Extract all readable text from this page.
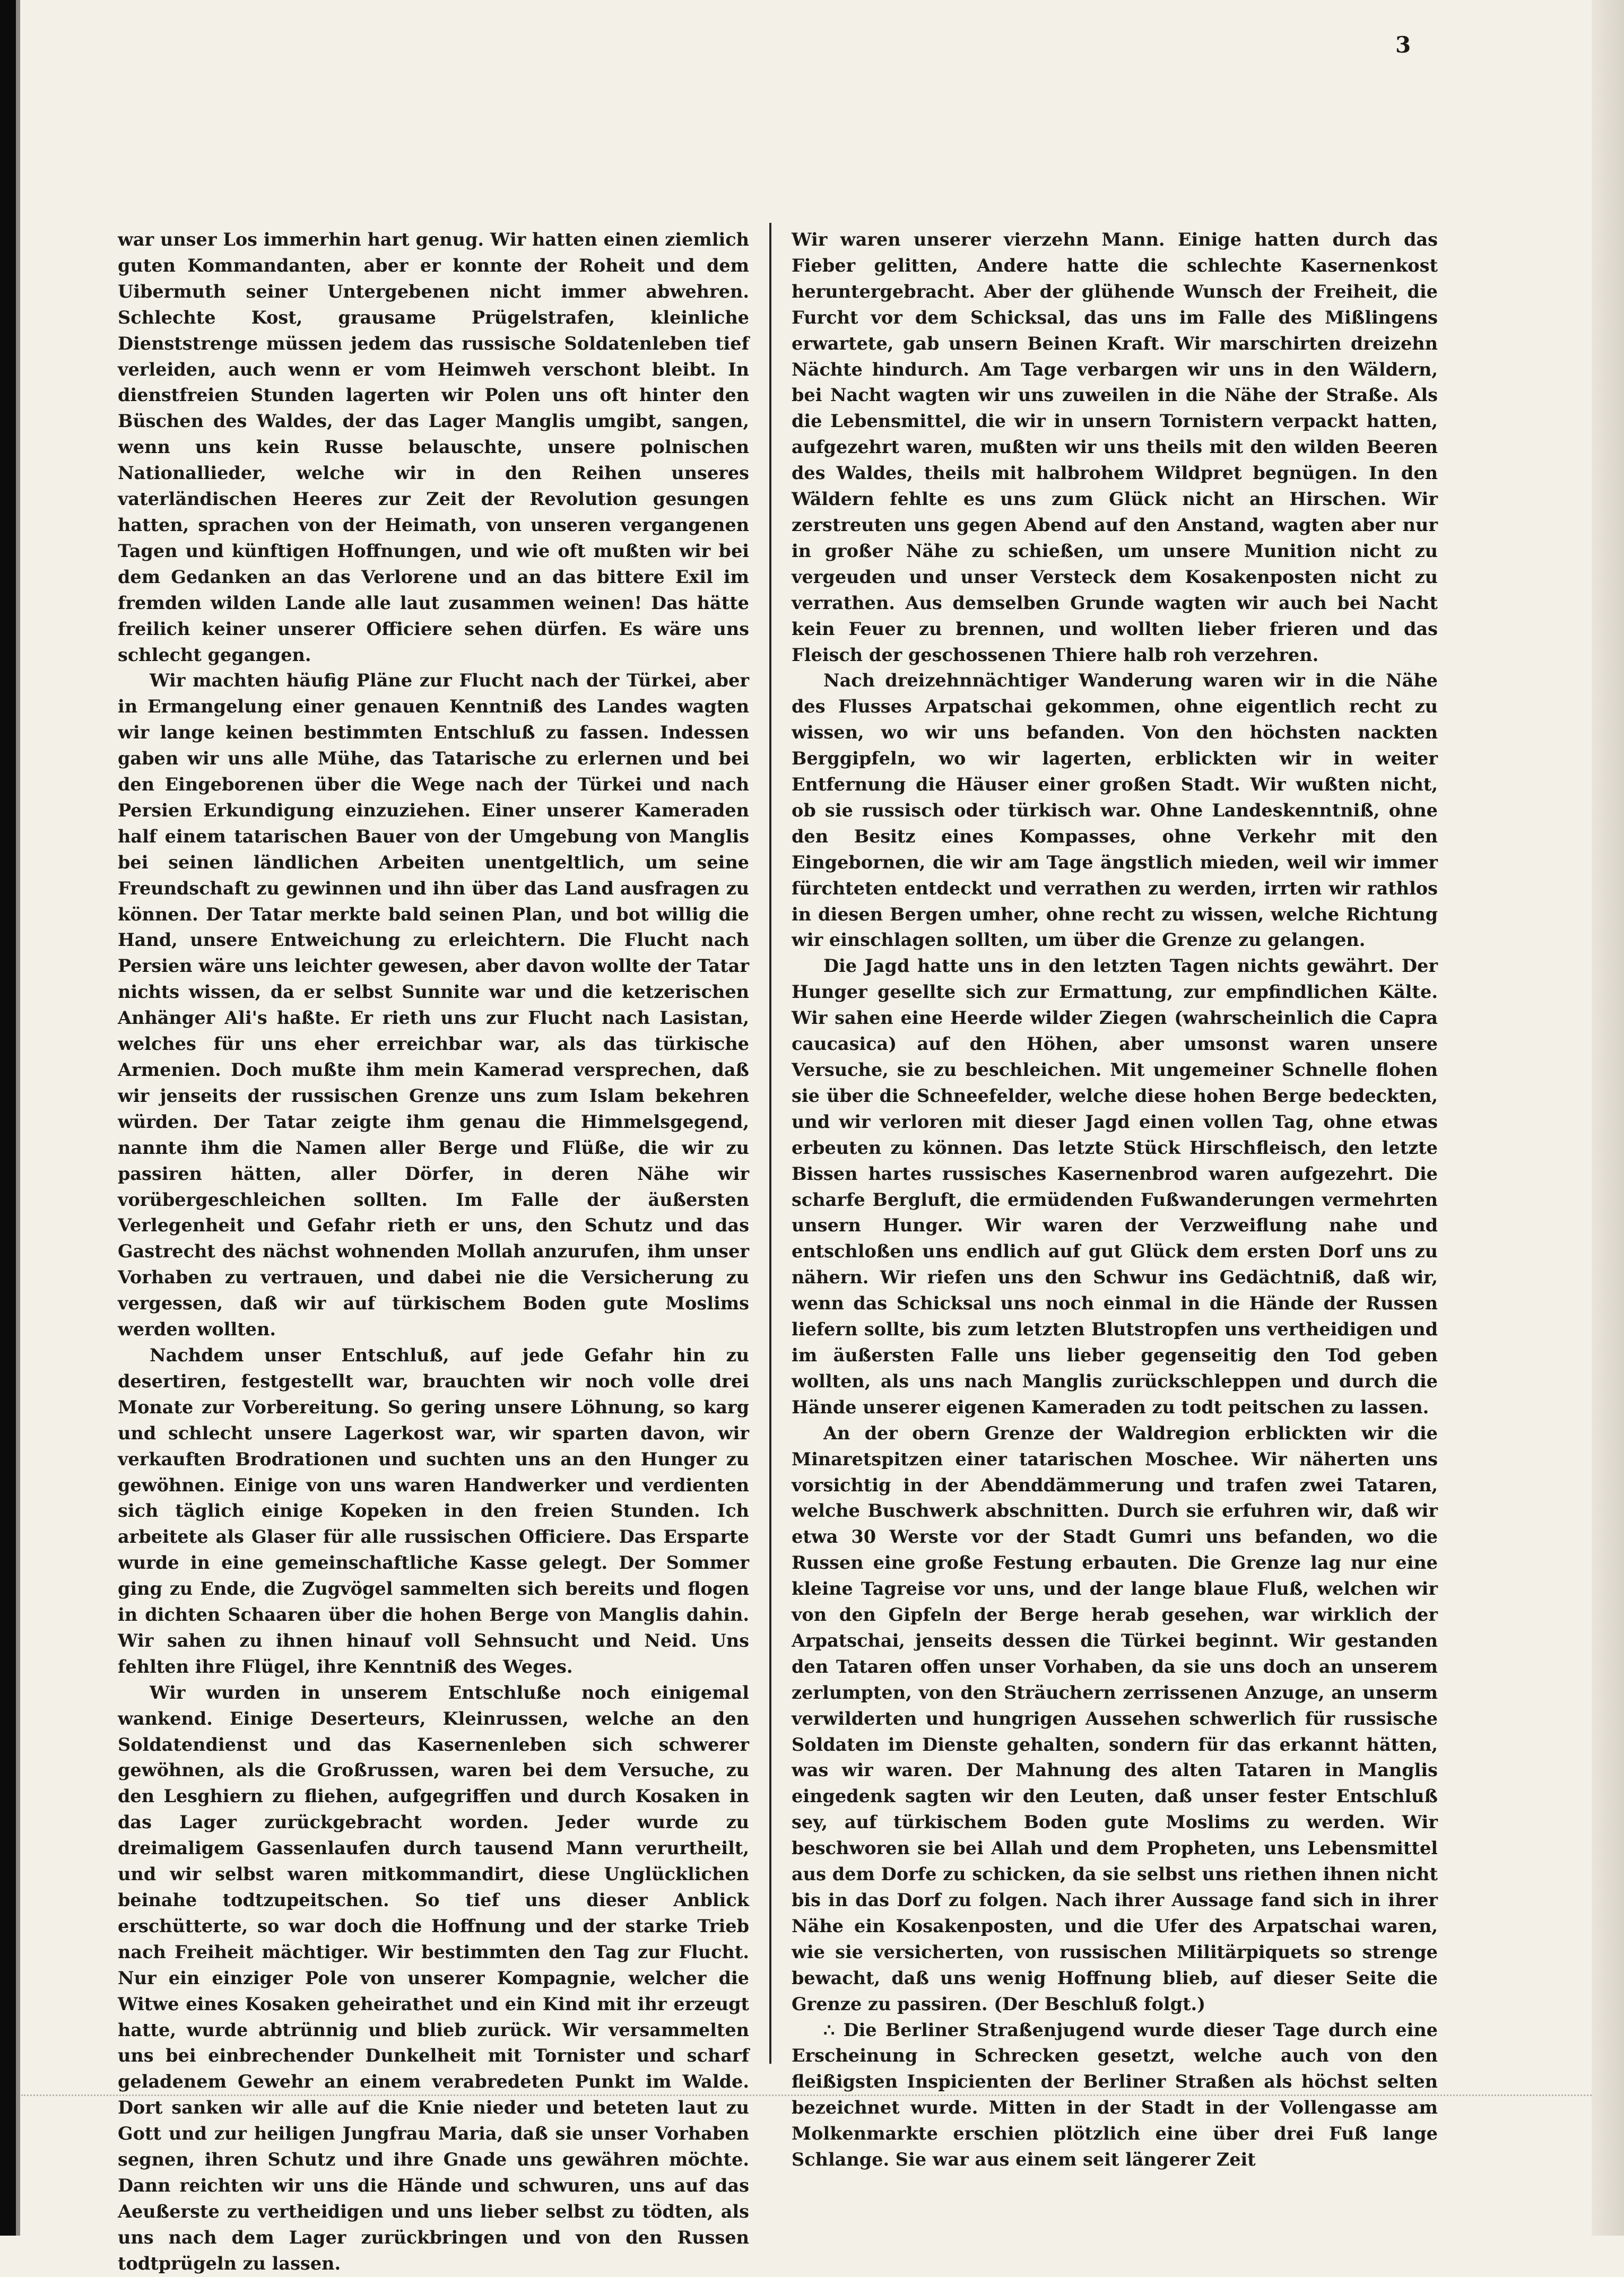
3

war unser Los immerhin hart genug. Wir hatten einen ziemlich guten Kommandanten, aber er konnte der Roheit und dem Uibermuth seiner Untergebenen nicht immer abwehren. Schlechte Kost, grausame Prügelstrafen, kleinliche Dienststrenge müssen jedem das russische Soldatenleben tief verleiden, auch wenn er vom Heimweh verschont bleibt. In dienstfreien Stunden lagerten wir Polen uns oft hinter den Büschen des Waldes, der das Lager Manglis umgibt, sangen, wenn uns kein Russe belauschte, unsere polnischen Nationallieder, welche wir in den Reihen unseres vaterländischen Heeres zur Zeit der Revolution gesungen hatten, sprachen von der Heimath, von unseren vergangenen Tagen und künftigen Hoffnungen, und wie oft mußten wir bei dem Gedanken an das Verlorene und an das bittere Exil im fremden wilden Lande alle laut zusammen weinen! Das hätte freilich keiner unserer Officiere sehen dürfen. Es wäre uns schlecht gegangen.

Wir machten häufig Pläne zur Flucht nach der Türkei, aber in Ermangelung einer genauen Kenntniß des Landes wagten wir lange keinen bestimmten Entschluß zu fassen. Indessen gaben wir uns alle Mühe, das Tatarische zu erlernen und bei den Eingeborenen über die Wege nach der Türkei und nach Persien Erkundigung einzuziehen. Einer unserer Kameraden half einem tatarischen Bauer von der Umgebung von Manglis bei seinen ländlichen Arbeiten unentgeltlich, um seine Freundschaft zu gewinnen und ihn über das Land ausfragen zu können. Der Tatar merkte bald seinen Plan, und bot willig die Hand, unsere Entweichung zu erleichtern. Die Flucht nach Persien wäre uns leichter gewesen, aber davon wollte der Tatar nichts wissen, da er selbst Sunnite war und die ketzerischen Anhänger Ali's haßte. Er rieth uns zur Flucht nach Lasistan, welches für uns eher erreichbar war, als das türkische Armenien. Doch mußte ihm mein Kamerad versprechen, daß wir jenseits der russischen Grenze uns zum Islam bekehren würden. Der Tatar zeigte ihm genau die Himmelsgegend, nannte ihm die Namen aller Berge und Flüße, die wir zu passiren hätten, aller Dörfer, in deren Nähe wir vorübergeschleichen sollten. Im Falle der äußersten Verlegenheit und Gefahr rieth er uns, den Schutz und das Gastrecht des nächst wohnenden Mollah anzurufen, ihm unser Vorhaben zu vertrauen, und dabei nie die Versicherung zu vergessen, daß wir auf türkischem Boden gute Moslims werden wollten.

Nachdem unser Entschluß, auf jede Gefahr hin zu desertiren, festgestellt war, brauchten wir noch volle drei Monate zur Vorbereitung. So gering unsere Löhnung, so karg und schlecht unsere Lagerkost war, wir sparten davon, wir verkauften Brodrationen und suchten uns an den Hunger zu gewöhnen. Einige von uns waren Handwerker und verdienten sich täglich einige Kopeken in den freien Stunden. Ich arbeitete als Glaser für alle russischen Officiere. Das Ersparte wurde in eine gemeinschaftliche Kasse gelegt. Der Sommer ging zu Ende, die Zugvögel sammelten sich bereits und flogen in dichten Schaaren über die hohen Berge von Manglis dahin. Wir sahen zu ihnen hinauf voll Sehnsucht und Neid. Uns fehlten ihre Flügel, ihre Kenntniß des Weges.

Wir wurden in unserem Entschluße noch einigemal wankend. Einige Deserteurs, Kleinrussen, welche an den Soldatendienst und das Kasernenleben sich schwerer gewöhnen, als die Großrussen, waren bei dem Versuche, zu den Lesghiern zu fliehen, aufgegriffen und durch Kosaken in das Lager zurückgebracht worden. Jeder wurde zu dreimaligem Gassenlaufen durch tausend Mann verurtheilt, und wir selbst waren mitkommandirt, diese Unglücklichen beinahe todtzupeitschen. So tief uns dieser Anblick erschütterte, so war doch die Hoffnung und der starke Trieb nach Freiheit mächtiger. Wir bestimmten den Tag zur Flucht. Nur ein einziger Pole von unserer Kompagnie, welcher die Witwe eines Kosaken geheirathet und ein Kind mit ihr erzeugt hatte, wurde abtrünnig und blieb zurück. Wir versammelten uns bei einbrechender Dunkelheit mit Tornister und scharf geladenem Gewehr an einem verabredeten Punkt im Walde. Dort sanken wir alle auf die Knie nieder und beteten laut zu Gott und zur heiligen Jungfrau Maria, daß sie unser Vorhaben segnen, ihren Schutz und ihre Gnade uns gewähren möchte. Dann reichten wir uns die Hände und schwuren, uns auf das Aeußerste zu vertheidigen und uns lieber selbst zu tödten, als uns nach dem Lager zurückbringen und von den Russen todtprügeln zu lassen.

Wir waren unserer vierzehn Mann. Einige hatten durch das Fieber gelitten, Andere hatte die schlechte Kasernenkost heruntergebracht. Aber der glühende Wunsch der Freiheit, die Furcht vor dem Schicksal, das uns im Falle des Mißlingens erwartete, gab unsern Beinen Kraft. Wir marschirten dreizehn Nächte hindurch. Am Tage verbargen wir uns in den Wäldern, bei Nacht wagten wir uns zuweilen in die Nähe der Straße. Als die Lebensmittel, die wir in unsern Tornistern verpackt hatten, aufgezehrt waren, mußten wir uns theils mit den wilden Beeren des Waldes, theils mit halbrohem Wildpret begnügen. In den Wäldern fehlte es uns zum Glück nicht an Hirschen. Wir zerstreuten uns gegen Abend auf den Anstand, wagten aber nur in großer Nähe zu schießen, um unsere Munition nicht zu vergeuden und unser Versteck dem Kosakenposten nicht zu verrathen. Aus demselben Grunde wagten wir auch bei Nacht kein Feuer zu brennen, und wollten lieber frieren und das Fleisch der geschossenen Thiere halb roh verzehren.

Nach dreizehnnächtiger Wanderung waren wir in die Nähe des Flusses Arpatschai gekommen, ohne eigentlich recht zu wissen, wo wir uns befanden. Von den höchsten nackten Berggipfeln, wo wir lagerten, erblickten wir in weiter Entfernung die Häuser einer großen Stadt. Wir wußten nicht, ob sie russisch oder türkisch war. Ohne Landeskenntniß, ohne den Besitz eines Kompasses, ohne Verkehr mit den Eingebornen, die wir am Tage ängstlich mieden, weil wir immer fürchteten entdeckt und verrathen zu werden, irrten wir rathlos in diesen Bergen umher, ohne recht zu wissen, welche Richtung wir einschlagen sollten, um über die Grenze zu gelangen.

Die Jagd hatte uns in den letzten Tagen nichts gewährt. Der Hunger gesellte sich zur Ermattung, zur empfindlichen Kälte. Wir sahen eine Heerde wilder Ziegen (wahrscheinlich die Capra caucasica) auf den Höhen, aber umsonst waren unsere Versuche, sie zu beschleichen. Mit ungemeiner Schnelle flohen sie über die Schneefelder, welche diese hohen Berge bedeckten, und wir verloren mit dieser Jagd einen vollen Tag, ohne etwas erbeuten zu können. Das letzte Stück Hirschfleisch, den letzte Bissen hartes russisches Kasernenbrod waren aufgezehrt. Die scharfe Bergluft, die ermüdenden Fußwanderungen vermehrten unsern Hunger. Wir waren der Verzweiflung nahe und entschloßen uns endlich auf gut Glück dem ersten Dorf uns zu nähern. Wir riefen uns den Schwur ins Gedächtniß, daß wir, wenn das Schicksal uns noch einmal in die Hände der Russen liefern sollte, bis zum letzten Blutstropfen uns vertheidigen und im äußersten Falle uns lieber gegenseitig den Tod geben wollten, als uns nach Manglis zurückschleppen und durch die Hände unserer eigenen Kameraden zu todt peitschen zu lassen.

An der obern Grenze der Waldregion erblickten wir die Minaretspitzen einer tatarischen Moschee. Wir näherten uns vorsichtig in der Abenddämmerung und trafen zwei Tataren, welche Buschwerk abschnitten. Durch sie erfuhren wir, daß wir etwa 30 Werste vor der Stadt Gumri uns befanden, wo die Russen eine große Festung erbauten. Die Grenze lag nur eine kleine Tagreise vor uns, und der lange blaue Fluß, welchen wir von den Gipfeln der Berge herab gesehen, war wirklich der Arpatschai, jenseits dessen die Türkei beginnt. Wir gestanden den Tataren offen unser Vorhaben, da sie uns doch an unserem zerlumpten, von den Sträuchern zerrissenen Anzuge, an unserm verwilderten und hungrigen Aussehen schwerlich für russische Soldaten im Dienste gehalten, sondern für das erkannt hätten, was wir waren. Der Mahnung des alten Tataren in Manglis eingedenk sagten wir den Leuten, daß unser fester Entschluß sey, auf türkischem Boden gute Moslims zu werden. Wir beschworen sie bei Allah und dem Propheten, uns Lebensmittel aus dem Dorfe zu schicken, da sie selbst uns riethen ihnen nicht bis in das Dorf zu folgen. Nach ihrer Aussage fand sich in ihrer Nähe ein Kosakenposten, und die Ufer des Arpatschai waren, wie sie versicherten, von russischen Militärpiquets so strenge bewacht, daß uns wenig Hoffnung blieb, auf dieser Seite die Grenze zu passiren. (Der Beschluß folgt.)

∴ Die Berliner Straßenjugend wurde dieser Tage durch eine Erscheinung in Schrecken gesetzt, welche auch von den fleißigsten Inspicienten der Berliner Straßen als höchst selten bezeichnet wurde. Mitten in der Stadt in der Vollengasse am Molkenmarkte erschien plötzlich eine über drei Fuß lange Schlange. Sie war aus einem seit längerer Zeit
